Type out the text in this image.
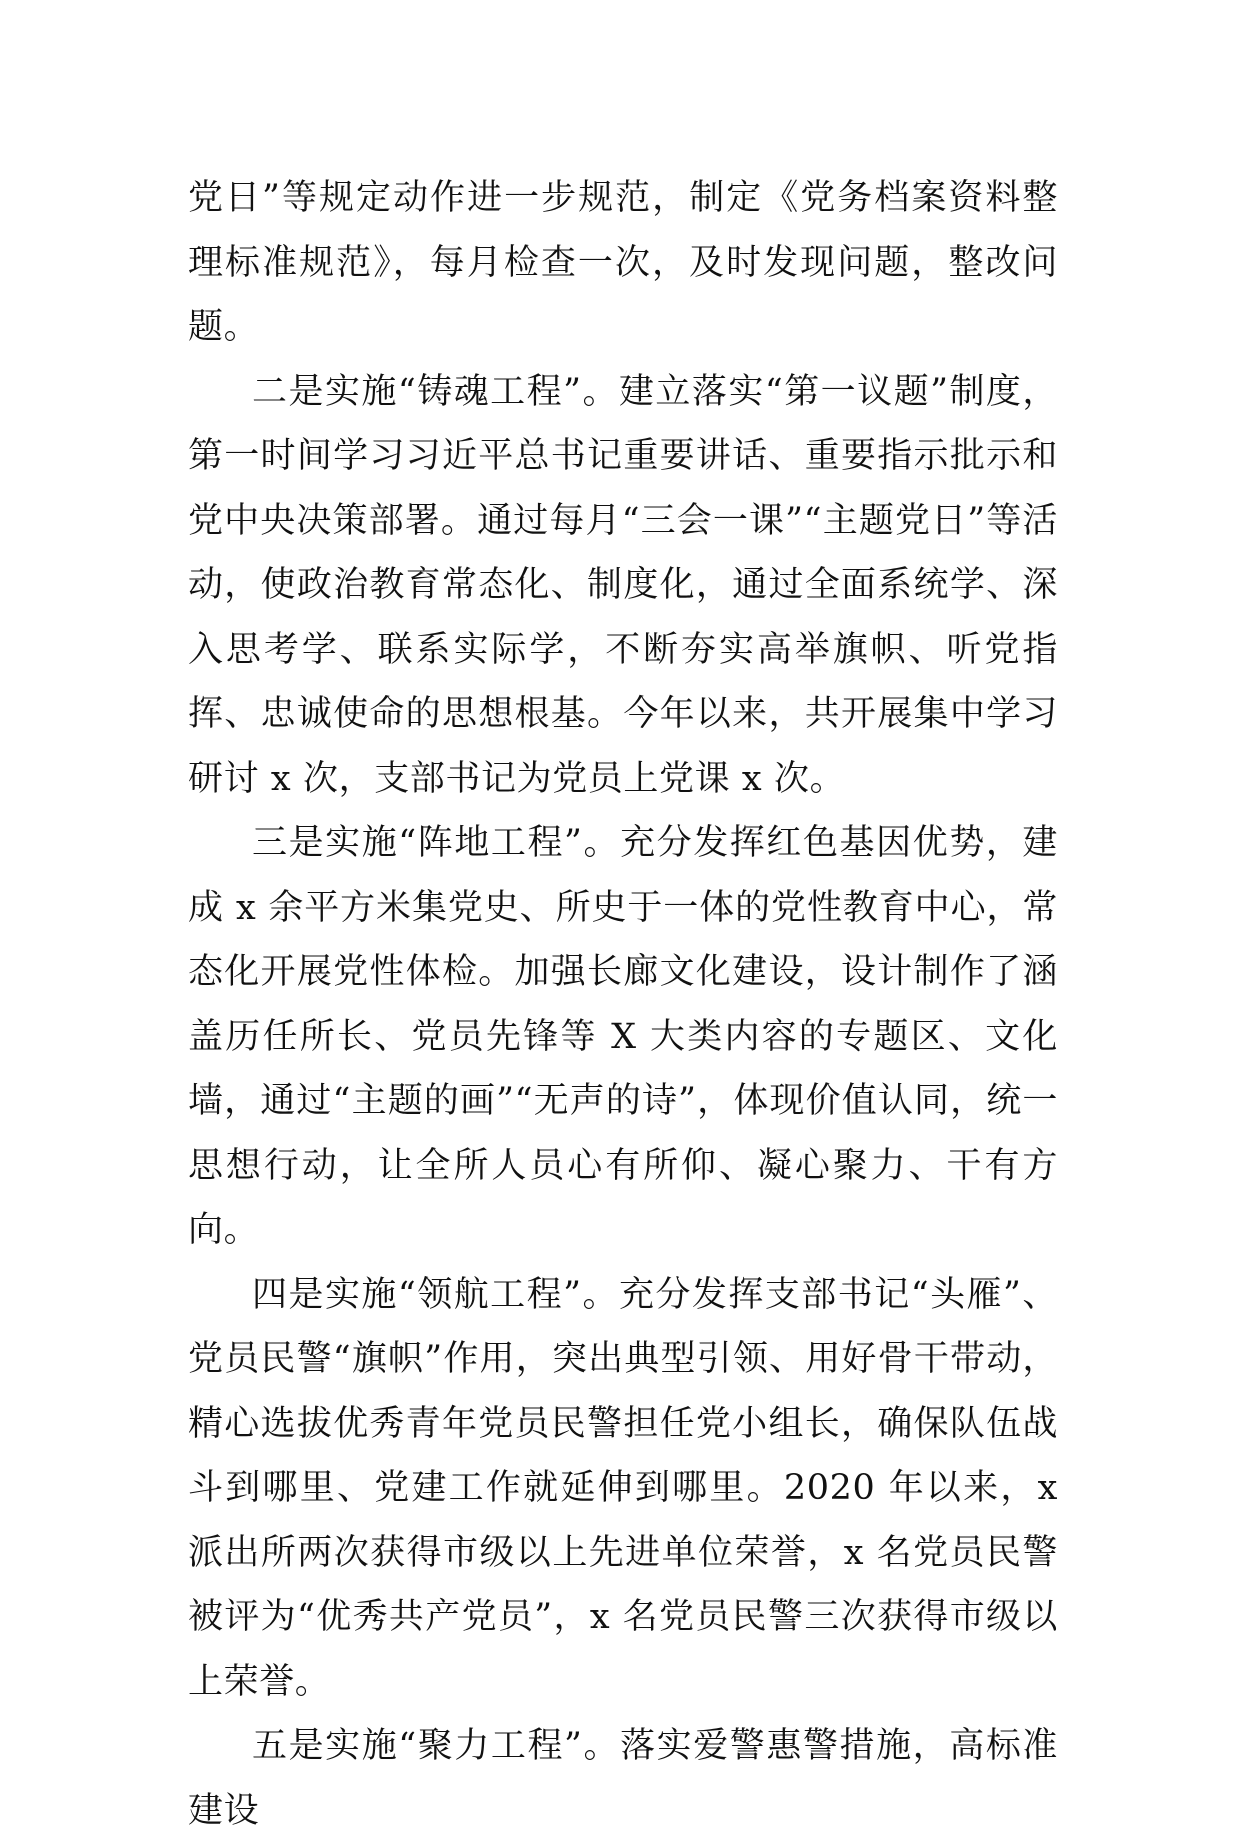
党日”等规定动作进一步规范，制定《党务档案资料整理标准规范》，每月检查一次，及时发现问题，整改问题。

二是实施“铸魂工程”。建立落实“第一议题”制度，第一时间学习习近平总书记重要讲话、重要指示批示和党中央决策部署。通过每月“三会一课”“主题党日”等活动，使政治教育常态化、制度化，通过全面系统学、深入思考学、联系实际学，不断夯实高举旗帜、听党指挥、忠诚使命的思想根基。今年以来，共开展集中学习研讨 x 次，支部书记为党员上党课 x 次。

三是实施“阵地工程”。充分发挥红色基因优势，建成 x 余平方米集党史、所史于一体的党性教育中心，常态化开展党性体检。加强长廊文化建设，设计制作了涵盖历任所长、党员先锋等 X 大类内容的专题区、文化墙，通过“主题的画”“无声的诗”，体现价值认同，统一思想行动，让全所人员心有所仰、凝心聚力、干有方向。

四是实施“领航工程”。充分发挥支部书记“头雁”、党员民警“旗帜”作用，突出典型引领、用好骨干带动，精心选拔优秀青年党员民警担任党小组长，确保队伍战斗到哪里、党建工作就延伸到哪里。2020 年以来，x 派出所两次获得市级以上先进单位荣誉，x 名党员民警被评为“优秀共产党员”，x 名党员民警三次获得市级以上荣誉。

五是实施“聚力工程”。落实爱警惠警措施，高标准建设
